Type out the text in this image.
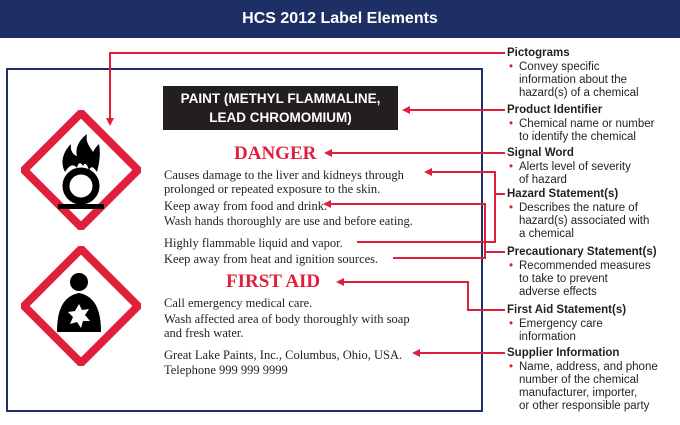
HCS 2012 Label Elements
PAINT (METHYL FLAMMALINE,
LEAD CHROMOMIUM)
DANGER
Causes damage to the liver and kidneys through
prolonged or repeated exposure to the skin.
Keep away from food and drink.
Wash hands thoroughly are use and before eating.
Highly flammable liquid and vapor.
Keep away from heat and ignition sources.
FIRST AID
Call emergency medical care.
Wash affected area of body thoroughly with soap
and fresh water.
Great Lake Paints, Inc., Columbus, Ohio, USA.
Telephone 999 999 9999
Pictograms
• Convey specific
information about the
hazard(s) of a chemical
Product Identifier
• Chemical name or number
to identify the chemical
Signal Word
• Alerts level of severity
of hazard
Hazard Statement(s)
• Describes the nature of
hazard(s) associated with
a chemical
Precautionary Statement(s)
• Recommended measures
to take to prevent
adverse effects
First Aid Statement(s)
• Emergency care
information
Supplier Information
• Name, address, and phone
number of the chemical
manufacturer, importer,
or other responsible party
